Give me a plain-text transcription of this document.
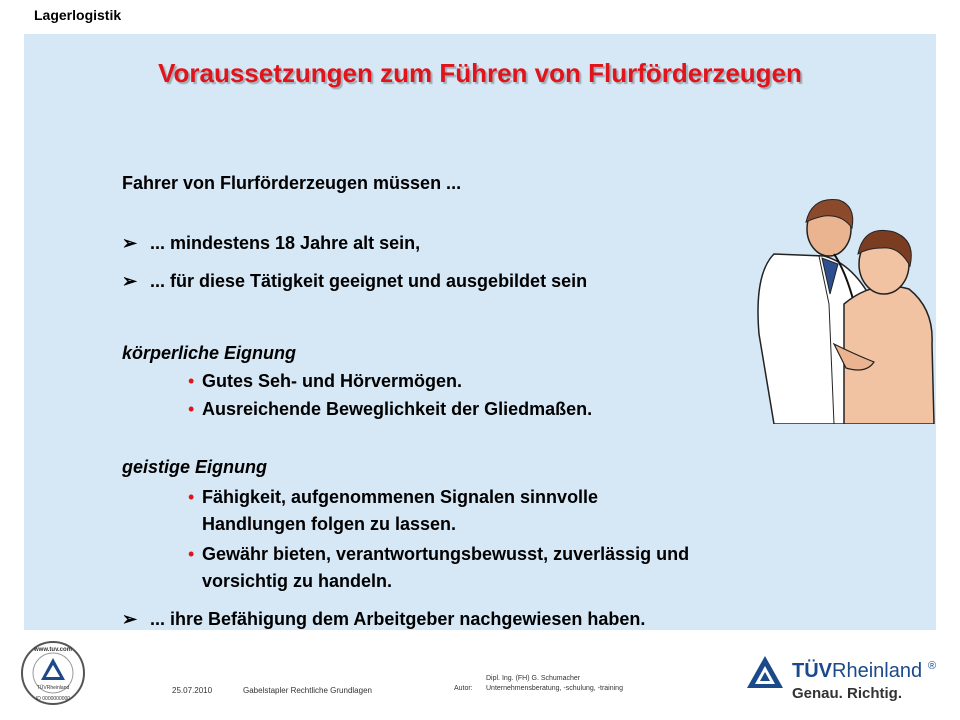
Lagerlogistik
Voraussetzungen zum Führen von Flurförderzeugen
Fahrer von Flurförderzeugen müssen ...
➢ ... mindestens 18 Jahre alt sein,
➢ ... für diese Tätigkeit geeignet und ausgebildet sein
körperliche Eignung
• Gutes Seh- und Hörvermögen.
• Ausreichende Beweglichkeit der Gliedmaßen.
geistige Eignung
• Fähigkeit, aufgenommenen Signalen sinnvolle
Handlungen folgen zu lassen.
• Gewähr bieten, verantwortungsbewusst, zuverlässig und
vorsichtig zu handeln.
➢ ... ihre Befähigung dem Arbeitgeber nachgewiesen haben.
TÜVRheinland
www.tuv.com
ID 0000000000
25.07.2010	Gabelstapler Rechtliche Grundlagen	Autor:
Dipl. Ing. (FH) G. Schumacher
Unternehmensberatung, -schulung, -training
TÜVRheinland ®
Genau. Richtig.
